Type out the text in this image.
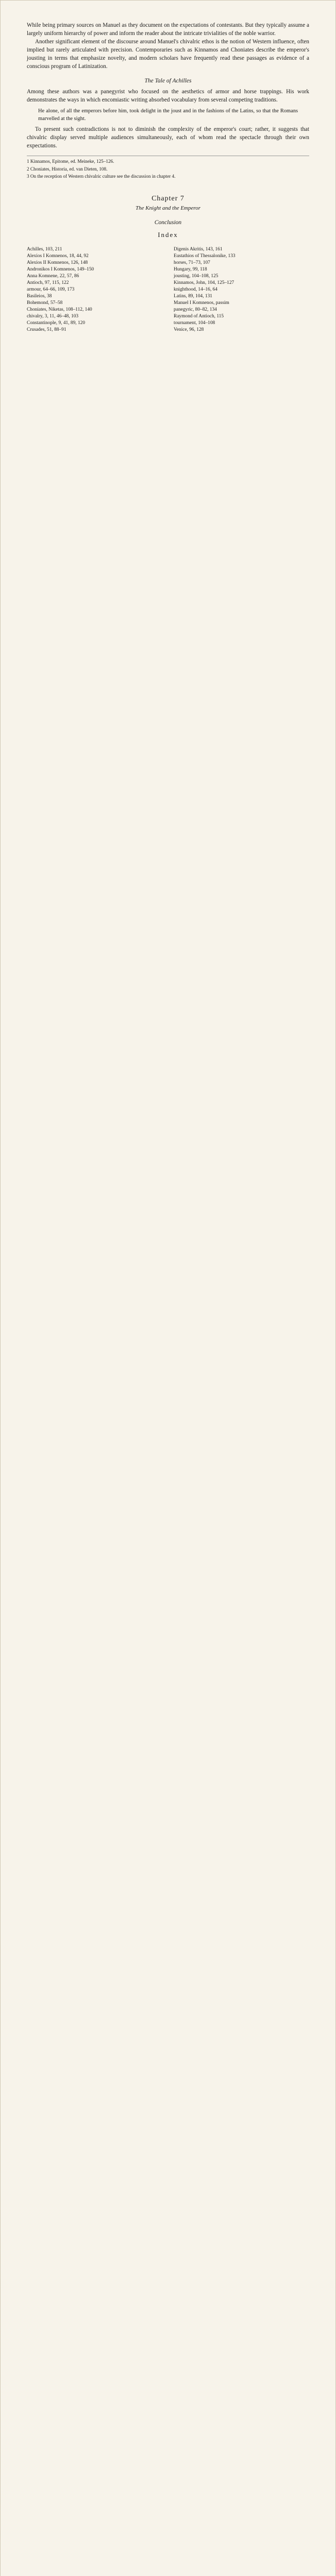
While being primary sources on Manuel as they document on the expectations of contestants. But they typically assume a largely uniform hierarchy of power and inform the reader about the intricate trivialities of the noble warrior.

Another significant element of the discourse around Manuel's chivalric ethos is the notion of Western influence, often implied but rarely articulated with precision. Contemporaries such as Kinnamos and Choniates describe the emperor's jousting in terms that emphasize novelty, and modern scholars have frequently read these passages as evidence of a conscious program of Latinization.

The Tale of Achilles

Among these authors was a panegyrist who focused on the aesthetics of armor and horse trappings. His work demonstrates the ways in which encomiastic writing absorbed vocabulary from several competing traditions.

He alone, of all the emperors before him, took delight in the joust and in the fashions of the Latins, so that the Romans marvelled at the sight.

To present such contradictions is not to diminish the complexity of the emperor's court; rather, it suggests that chivalric display served multiple audiences simultaneously, each of whom read the spectacle through their own expectations.

1 Kinnamos, Epitome, ed. Meineke, 125–126.

2 Choniates, Historia, ed. van Dieten, 108.

3 On the reception of Western chivalric culture see the discussion in chapter 4.

Chapter 7
The Knight and the Emperor
Conclusion
Index
Achilles, 103, 211
Alexios I Komnenos, 18, 44, 92
Alexios II Komnenos, 126, 148
Andronikos I Komnenos, 149–150
Anna Komnene, 22, 57, 86
Antioch, 97, 115, 122
armour, 64–66, 109, 173
Basileios, 38
Bohemond, 57–58
Choniates, Niketas, 108–112, 140
chivalry, 3, 11, 46–48, 103
Constantinople, 9, 41, 89, 120
Crusades, 51, 88–91
Digenis Akritis, 143, 161
Eustathios of Thessalonike, 133
horses, 71–73, 107
Hungary, 99, 118
jousting, 104–108, 125
Kinnamos, John, 104, 125–127
knighthood, 14–16, 64
Latins, 89, 104, 131
Manuel I Komnenos, passim
panegyric, 80–82, 134
Raymond of Antioch, 115
tournament, 104–108
Venice, 96, 128
